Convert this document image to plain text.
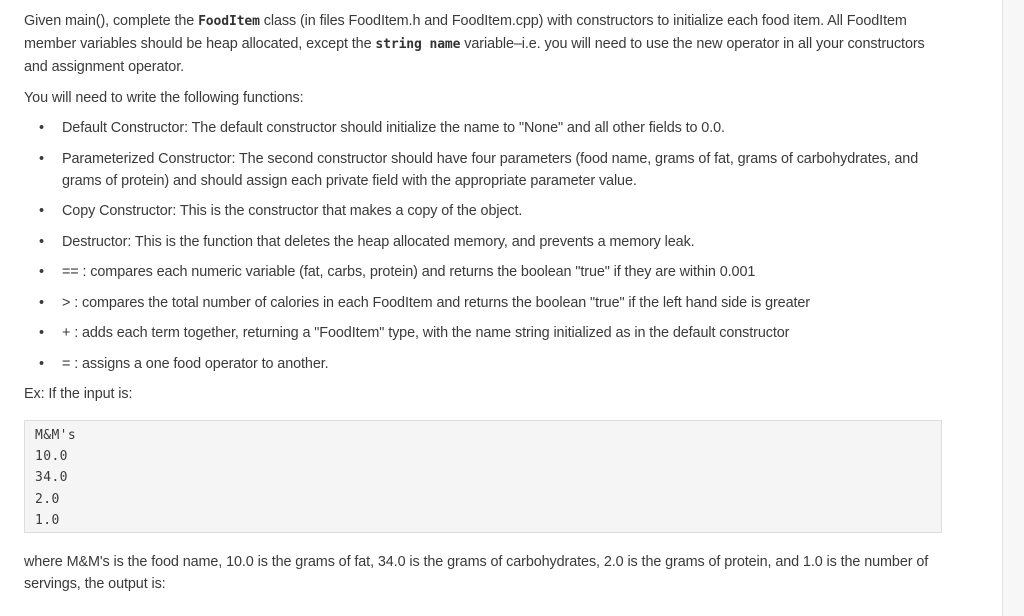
Given main(), complete the FoodItem class (in files FoodItem.h and FoodItem.cpp) with constructors to initialize each food item. All FoodItem member variables should be heap allocated, except the string name variable–i.e. you will need to use the new operator in all your constructors and assignment operator.

You will need to write the following functions:

• Default Constructor: The default constructor should initialize the name to "None" and all other fields to 0.0.
• Parameterized Constructor: The second constructor should have four parameters (food name, grams of fat, grams of carbohydrates, and grams of protein) and should assign each private field with the appropriate parameter value.
• Copy Constructor: This is the constructor that makes a copy of the object.
• Destructor: This is the function that deletes the heap allocated memory, and prevents a memory leak.
• == : compares each numeric variable (fat, carbs, protein) and returns the boolean "true" if they are within 0.001
• > : compares the total number of calories in each FoodItem and returns the boolean "true" if the left hand side is greater
• + : adds each term together, returning a "FoodItem" type, with the name string initialized as in the default constructor
• = : assigns a one food operator to another.

Ex: If the input is:

M&M's
10.0
34.0
2.0
1.0

where M&M's is the food name, 10.0 is the grams of fat, 34.0 is the grams of carbohydrates, 2.0 is the grams of protein, and 1.0 is the number of servings, the output is:
